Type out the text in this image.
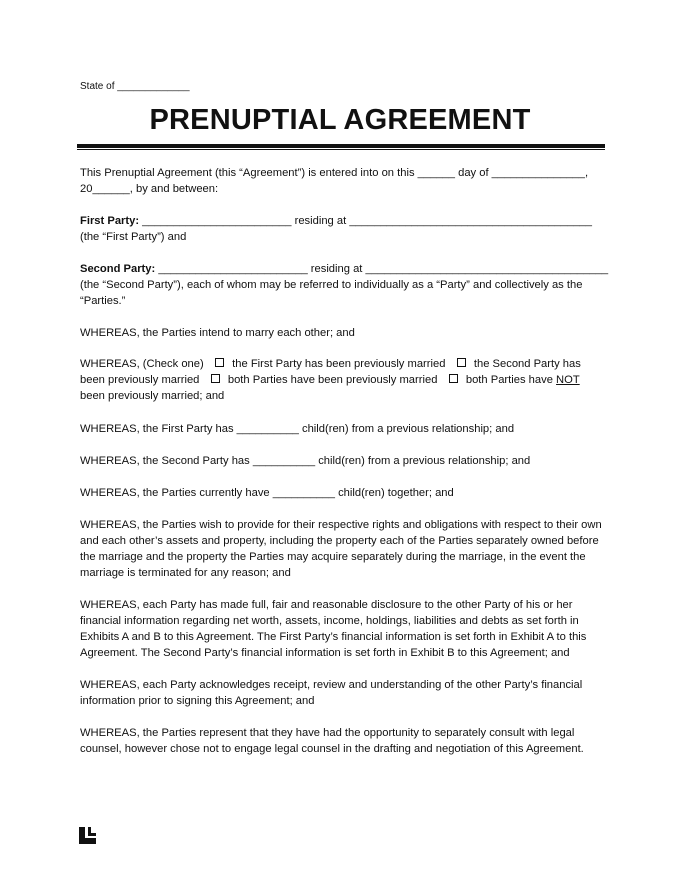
State of _____________
PRENUPTIAL AGREEMENT

This Prenuptial Agreement (this “Agreement”) is entered into on this ______ day of _______________,
20______, by and between:

First Party: ________________________ residing at _______________________________________
(the “First Party”) and

Second Party: ________________________ residing at _______________________________________
(the “Second Party”), each of whom may be referred to individually as a “Party” and collectively as the
“Parties.”

WHEREAS, the Parties intend to marry each other; and

WHEREAS, (Check one)	the First Party has been previously married	the Second Party has
been previously married	both Parties have been previously married	both Parties have NOT
been previously married; and

WHEREAS, the First Party has __________ child(ren) from a previous relationship; and

WHEREAS, the Second Party has __________ child(ren) from a previous relationship; and

WHEREAS, the Parties currently have __________ child(ren) together; and

WHEREAS, the Parties wish to provide for their respective rights and obligations with respect to their own
and each other’s assets and property, including the property each of the Parties separately owned before
the marriage and the property the Parties may acquire separately during the marriage, in the event the
marriage is terminated for any reason; and

WHEREAS, each Party has made full, fair and reasonable disclosure to the other Party of his or her
financial information regarding net worth, assets, income, holdings, liabilities and debts as set forth in
Exhibits A and B to this Agreement. The First Party’s financial information is set forth in Exhibit A to this
Agreement. The Second Party’s financial information is set forth in Exhibit B to this Agreement; and

WHEREAS, each Party acknowledges receipt, review and understanding of the other Party’s financial
information prior to signing this Agreement; and

WHEREAS, the Parties represent that they have had the opportunity to separately consult with legal
counsel, however chose not to engage legal counsel in the drafting and negotiation of this Agreement.
